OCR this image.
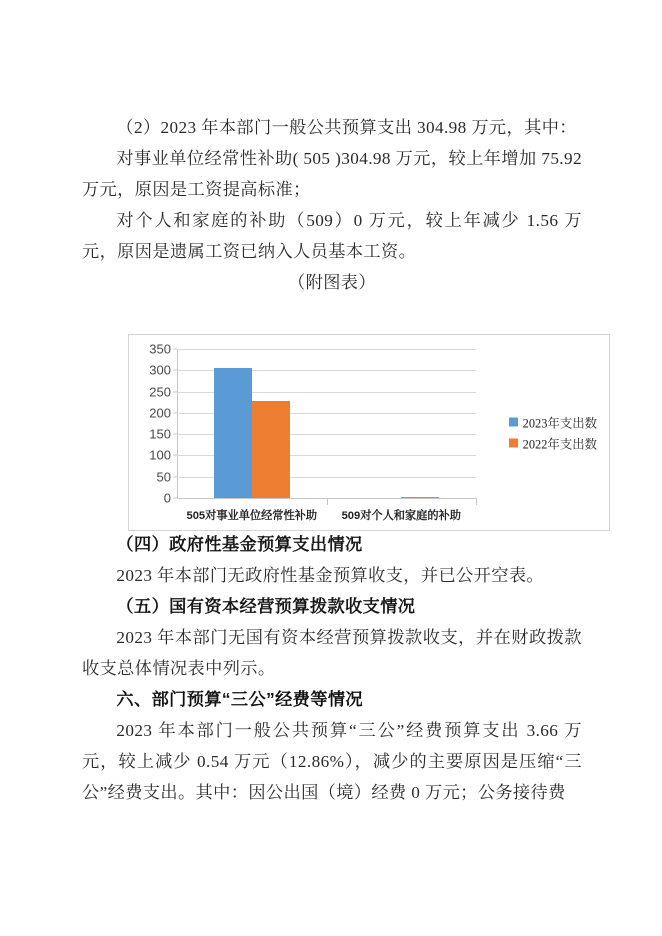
（2）2023 年本部门一般公共预算支出 304.98 万元，其中：

对事业单位经常性补助( 505 )304.98 万元，较上年增加 75.92 万元，原因是工资提高标准；

对个人和家庭的补助（509）0 万元，较上年减少 1.56 万元，原因是遗属工资已纳入人员基本工资。

（附图表）

0
50
100
150
200
250
300
350
505对事业单位经常性补助 509对个人和家庭的补助
2023年支出数
2022年支出数
（四）政府性基金预算支出情况

2023 年本部门无政府性基金预算收支，并已公开空表。

（五）国有资本经营预算拨款收支情况

2023 年本部门无国有资本经营预算拨款收支，并在财政拨款收支总体情况表中列示。

六、部门预算“三公”经费等情况

2023 年本部门一般公共预算“三公”经费预算支出 3.66 万元，较上减少 0.54 万元（12.86%），减少的主要原因是压缩“三公”经费支出。其中：因公出国（境）经费 0 万元；公务接待费
